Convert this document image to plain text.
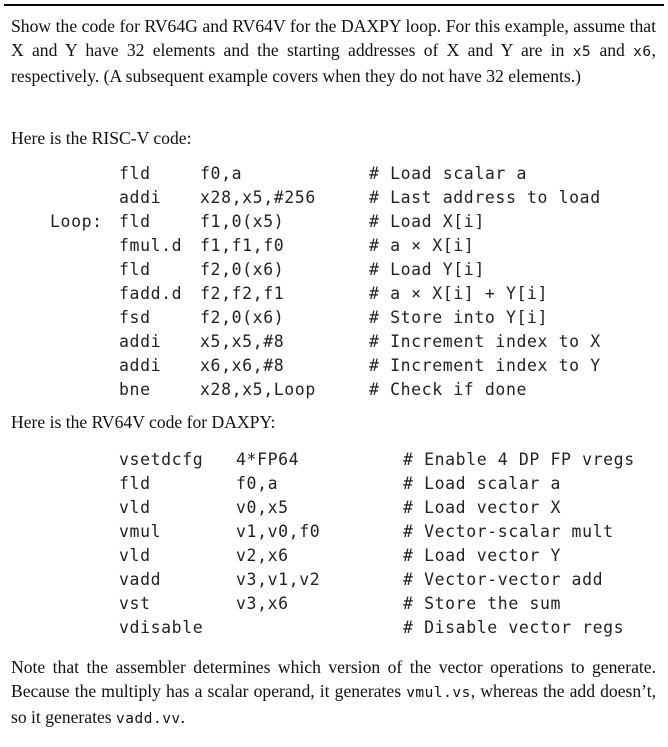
Show the code for RV64G and RV64V for the DAXPY loop. For this example, assume that X and Y have 32 elements and the starting addresses of X and Y are in x5 and x6, respectively. (A subsequent example covers when they do not have 32 elements.)

Here is the RISC-V code:

fld	f0,a	# Load scalar a
addi x28,x5,#256	# Last address to load
Loop: fld	f1,0(x5)	# Load X[i]
fmul.d f1,f1,f0	# a × X[i]
fld	f2,0(x6)	# Load Y[i]
fadd.d f2,f2,f1	# a × X[i] + Y[i]
fsd	f2,0(x6)	# Store into Y[i]
addi x5,x5,#8	# Increment index to X
addi x6,x6,#8	# Increment index to Y
bne	x28,x5,Loop	# Check if done

Here is the RV64V code for DAXPY:

vsetdcfg 4*FP64	# Enable 4 DP FP vregs
fld	f0,a	# Load scalar a
vld	v0,x5	# Load vector X
vmul	v1,v0,f0	# Vector-scalar mult
vld	v2,x6	# Load vector Y
vadd	v3,v1,v2	# Vector-vector add
vst	v3,x6	# Store the sum
vdisable	# Disable vector regs

Note that the assembler determines which version of the vector operations to generate. Because the multiply has a scalar operand, it generates vmul.vs, whereas the add doesn’t, so it generates vadd.vv.
